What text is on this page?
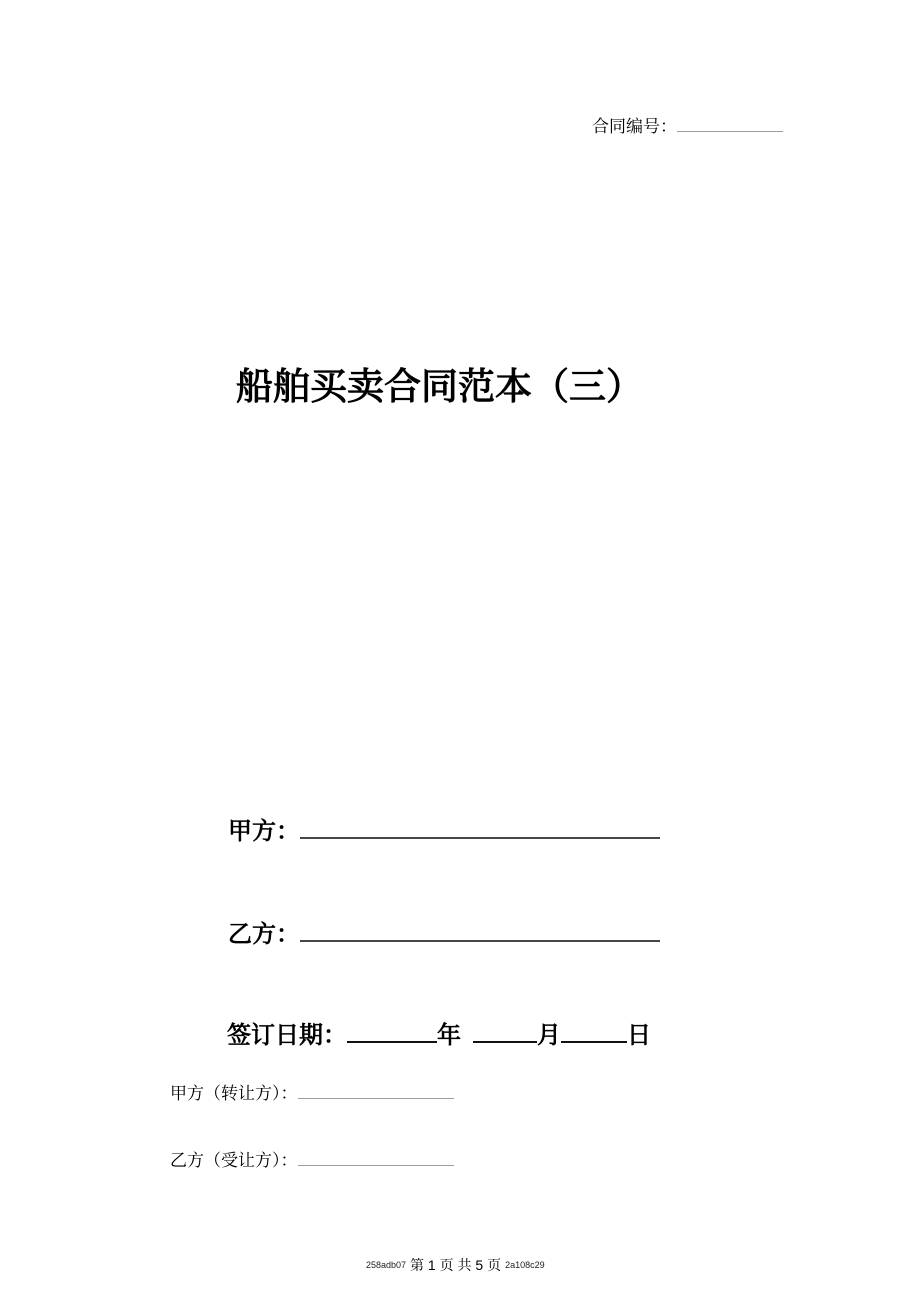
合同编号：
船舶买卖合同范本（三）
甲方：
乙方：
签订日期：	年	月	日
甲方（转让方）：
乙方（受让方）：
258adb07 第 1 页 共 5 页 2a108c29
